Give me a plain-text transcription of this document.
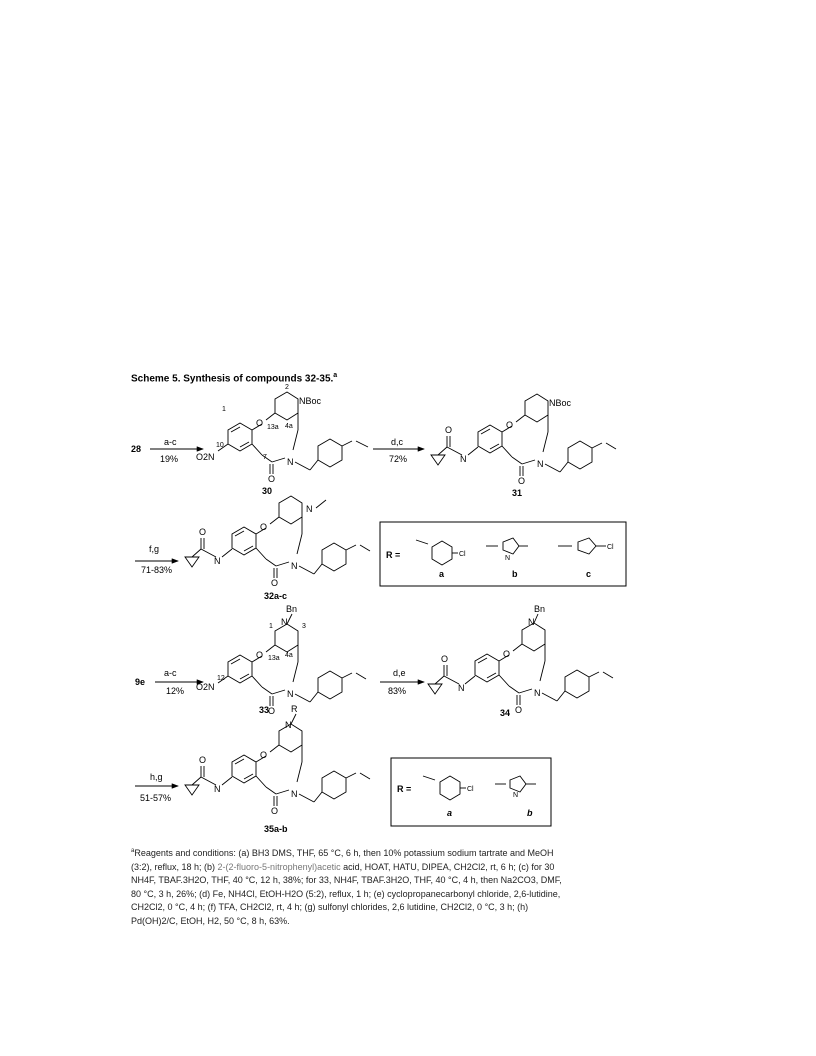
Scheme 5. Synthesis of compounds 32-35.$^a$
28
a-c
19%
1
2
13a 4a
10
7
NBoc
O2N
O
N
O
30
d,c
72%
O
N
O
NBoc
N
O
31
f,g
71-83%
O
N
O
N
N
O
32a-c
R =	Cl
a
N
b
Cl
c
9e
a-c
12%
Bn
N
1	3
13a 4a
12
O2N
O
N
O
33
d,e
83%
Bn
O
N
O
N
N
O
34
h,g
51-57%
R
N
O
N
O
N
O
35a-b
R =	Cl
a
N
b
$^a$Reagents and conditions: (a) BH3 DMS, THF, 65 °C, 6 h, then 10% potassium sodium tartrate and MeOH
(3:2), reflux, 18 h; (b) 2-(2-fluoro-5-nitrophenyl)acetic acid, HOAT, HATU, DIPEA, CH2Cl2, rt, 6 h; (c) for 30
NH4F, TBAF.3H2O, THF, 40 °C, 12 h, 38%; for 33, NH4F, TBAF.3H2O, THF, 40 °C, 4 h, then Na2CO3, DMF,
80 °C, 3 h, 26%; (d) Fe, NH4Cl, EtOH-H2O (5:2), reflux, 1 h; (e) cyclopropanecarbonyl chloride, 2,6-lutidine,
CH2Cl2, 0 °C, 4 h; (f) TFA, CH2Cl2, rt, 4 h; (g) sulfonyl chlorides, 2,6 lutidine, CH2Cl2, 0 °C, 3 h; (h)
Pd(OH)2/C, EtOH, H2, 50 °C, 8 h, 63%.
